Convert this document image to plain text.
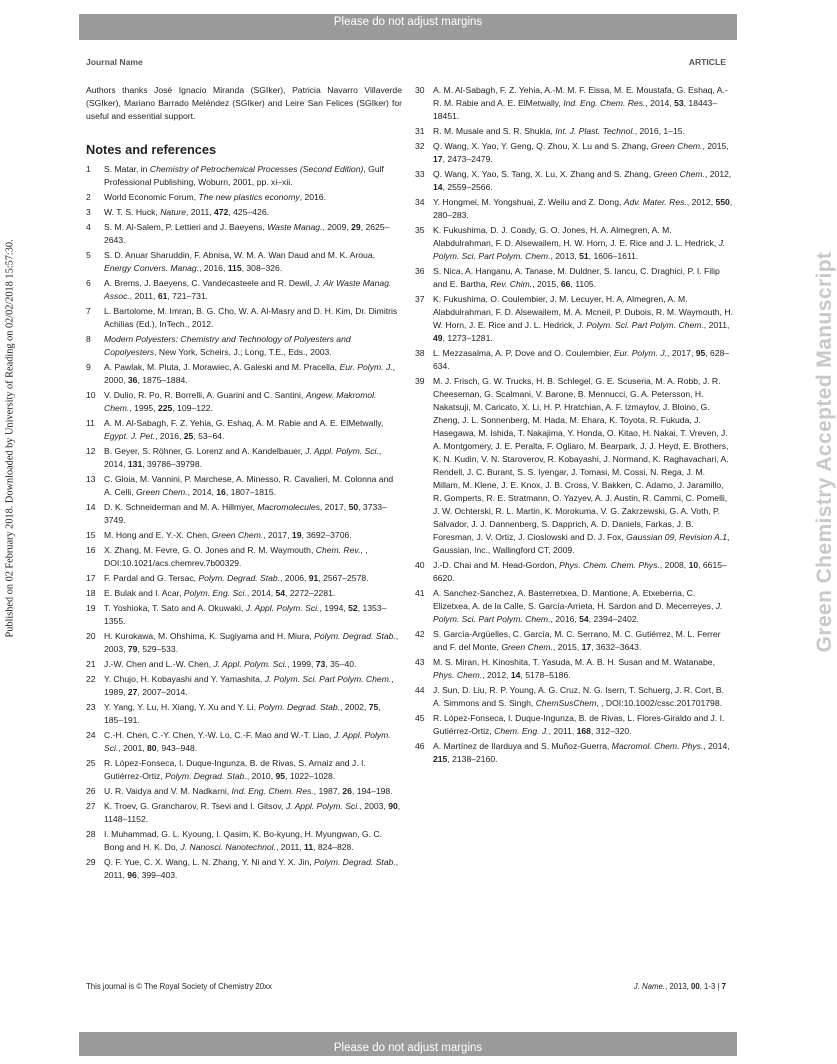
Please do not adjust margins
Journal Name	ARTICLE
Published on 02 February 2018. Downloaded by University of Reading on 02/02/2018 15:57:30.	Green Chemistry Accepted Manuscript

Authors thanks José Ignacio Miranda (SGIker), Patricia Navarro Villaverde (SGIker), Mariano Barrado Meléndez (SGIker) and Leire San Felices (SGIker) for useful and essential support.

Notes and references
1	S. Matar, in Chemistry of Petrochemical Processes (Second Edition), Gulf Professional Publishing, Woburn, 2001, pp. xi–xii.
2	World Economic Forum, The new plastics economy, 2016.
3	W. T. S. Huck, Nature, 2011, 472, 425–426.
4	S. M. Al-Salem, P. Lettieri and J. Baeyens, Waste Manag., 2009, 29, 2625–2643.
5	S. D. Anuar Sharuddin, F. Abnisa, W. M. A. Wan Daud and M. K. Aroua, Energy Convers. Manag., 2016, 115, 308–326.
6	A. Brems, J. Baeyens, C. Vandecasteele and R. Dewil, J. Air Waste Manag. Assoc., 2011, 61, 721–731.
7	L. Bartolome, M. Imran, B. G. Cho, W. A. Al-Masry and D. H. Kim, Dr. Dimitris Achilias (Ed.), InTech., 2012.
8	Modern Polyesters: Chemistry and Technology of Polyesters and Copolyesters, New York, Scheirs, J.; Long, T.E., Eds., 2003.
9	A. Pawlak, M. Pluta, J. Morawiec, A. Galeski and M. Pracella, Eur. Polym. J., 2000, 36, 1875–1884.
10 V. Dulio, R. Po, R. Borrelli, A. Guarini and C. Santini, Angew. Makromol. Chem., 1995, 225, 109–122.
11	A. M. Al-Sabagh, F. Z. Yehia, G. Eshaq, A. M. Rabie and A. E. ElMetwally, Egypt. J. Pet., 2016, 25, 53–64.
12 B. Geyer, S. Röhner, G. Lorenz and A. Kandelbauer, J. Appl. Polym. Sci., 2014, 131, 39786–39798.
13 C. Gioia, M. Vannini, P. Marchese, A. Minesso, R. Cavalieri, M. Colonna and A. Celli, Green Chem., 2014, 16, 1807–1815.
14 D. K. Schneiderman and M. A. Hillmyer, Macromolecules, 2017, 50, 3733–3749.
15 M. Hong and E. Y.-X. Chen, Green Chem., 2017, 19, 3692–3706.
16 X. Zhang, M. Fevre, G. O. Jones and R. M. Waymouth, Chem. Rev., , DOI:10.1021/acs.chemrev.7b00329.
17 F. Pardal and G. Tersac, Polym. Degrad. Stab., 2006, 91, 2567–2578.
18 E. Bulak and I. Acar, Polym. Eng. Sci., 2014, 54, 2272–2281.
19 T. Yoshioka, T. Sato and A. Okuwaki, J. Appl. Polym. Sci., 1994, 52, 1353–1355.
20 H. Kurokawa, M. Ohshima, K. Sugiyama and H. Miura, Polym. Degrad. Stab., 2003, 79, 529–533.
21 J.-W. Chen and L.-W. Chen, J. Appl. Polym. Sci., 1999, 73, 35–40.
22 Y. Chujo, H. Kobayashi and Y. Yamashita, J. Polym. Sci. Part Polym. Chem., 1989, 27, 2007–2014.
23 Y. Yang, Y. Lu, H. Xiang, Y. Xu and Y. Li, Polym. Degrad. Stab., 2002, 75, 185–191.
24 C.-H. Chen, C.-Y. Chen, Y.-W. Lo, C.-F. Mao and W.-T. Liao, J. Appl. Polym. Sci., 2001, 80, 943–948.
25 R. López-Fonseca, I. Duque-Ingunza, B. de Rivas, S. Arnaiz and J. I. Gutiérrez-Ortiz, Polym. Degrad. Stab., 2010, 95, 1022–1028.
26 U. R. Vaidya and V. M. Nadkarni, Ind. Eng. Chem. Res., 1987, 26, 194–198.
27 K. Troev, G. Grancharov, R. Tsevi and I. Gitsov, J. Appl. Polym. Sci., 2003, 90, 1148–1152.
28 I. Muhammad, G. L. Kyoung, I. Qasim, K. Bo-kyung, H. Myungwan, G. C. Bong and H. K. Do, J. Nanosci. Nanotechnol., 2011, 11, 824–828.
29 Q. F. Yue, C. X. Wang, L. N. Zhang, Y. Ni and Y. X. Jin, Polym. Degrad. Stab., 2011, 96, 399–403.
30 A. M. Al-Sabagh, F. Z. Yehia, A.-M. M. F. Eissa, M. E. Moustafa, G. Eshaq, A.-R. M. Rabie and A. E. ElMetwally, Ind. Eng. Chem. Res., 2014, 53, 18443–18451.
31 R. M. Musale and S. R. Shukla, Int. J. Plast. Technol., 2016, 1–15.
32 Q. Wang, X. Yao, Y. Geng, Q. Zhou, X. Lu and S. Zhang, Green Chem., 2015, 17, 2473–2479.
33 Q. Wang, X. Yao, S. Tang, X. Lu, X. Zhang and S. Zhang, Green Chem., 2012, 14, 2559–2566.
34 Y. Hongmei, M. Yongshuai, Z. Weilu and Z. Dong, Adv. Mater. Res., 2012, 550, 280–283.
35 K. Fukushima, D. J. Coady, G. O. Jones, H. A. Almegren, A. M. Alabdulrahman, F. D. Alsewailem, H. W. Horn, J. E. Rice and J. L. Hedrick, J. Polym. Sci. Part Polym. Chem., 2013, 51, 1606–1611.
36 S. Nica, A. Hanganu, A. Tanase, M. Duldner, S. Iancu, C. Draghici, P. I. Filip and E. Bartha, Rev. Chim., 2015, 66, 1105.
37 K. Fukushima, O. Coulembier, J. M. Lecuyer, H. A. Almegren, A. M. Alabdulrahman, F. D. Alsewailem, M. A. Mcneil, P. Dubois, R. M. Waymouth, H. W. Horn, J. E. Rice and J. L. Hedrick, J. Polym. Sci. Part Polym. Chem., 2011, 49, 1273–1281.
38 L. Mezzasalma, A. P. Dove and O. Coulembier, Eur. Polym. J., 2017, 95, 628–634.
39 M. J. Frisch, G. W. Trucks, H. B. Schlegel, G. E. Scuseria, M. A. Robb, J. R. Cheeseman, G. Scalmani, V. Barone, B. Mennucci, G. A. Petersson, H. Nakatsuji, M. Caricato, X. Li, H. P. Hratchian, A. F. Izmaylov, J. Bloino, G. Zheng, J. L. Sonnenberg, M. Hada, M. Ehara, K. Toyota, R. Fukuda, J. Hasegawa, M. Ishida, T. Nakajima, Y. Honda, O. Kitao, H. Nakai, T. Vreven, J. A. Montgomery, J. E. Peralta, F. Ogliaro, M. Bearpark, J. J. Heyd, E. Brothers, K. N. Kudin, V. N. Staroverov, R. Kobayashi, J. Normand, K. Raghavachari, A. Rendell, J. C. Burant, S. S. Iyengar, J. Tomasi, M. Cossi, N. Rega, J. M. Millam, M. Klene, J. E. Knox, J. B. Cross, V. Bakken, C. Adamo, J. Jaramillo, R. Gomperts, R. E. Stratmann, O. Yazyev, A. J. Austin, R. Cammi, C. Pomelli, J. W. Ochterski, R. L. Martin, K. Morokuma, V. G. Zakrzewski, G. A. Voth, P. Salvador, J. J. Dannenberg, S. Dapprich, A. D. Daniels, Farkas, J. B. Foresman, J. V. Ortiz, J. Cioslowski and D. J. Fox, Gaussian 09, Revision A.1, Gaussian, Inc., Wallingford CT, 2009.
40 J.-D. Chai and M. Head-Gordon, Phys. Chem. Chem. Phys., 2008, 10, 6615–6620.
41 A. Sanchez-Sanchez, A. Basterretxea, D. Mantione, A. Etxeberria, C. Elizetxea, A. de la Calle, S. García-Arrieta, H. Sardon and D. Mecerreyes, J. Polym. Sci. Part Polym. Chem., 2016, 54, 2394–2402.
42 S. García-Argüelles, C. García, M. C. Serrano, M. C. Gutiérrez, M. L. Ferrer and F. del Monte, Green Chem., 2015, 17, 3632–3643.
43 M. S. Miran, H. Kinoshita, T. Yasuda, M. A. B. H. Susan and M. Watanabe, Phys. Chem., 2012, 14, 5178–5186.
44 J. Sun, D. Liu, R. P. Young, A. G. Cruz, N. G. Isern, T. Schuerg, J. R. Cort, B. A. Simmons and S. Singh, ChemSusChem, , DOI:10.1002/cssc.201701798.
45 R. López-Fonseca, I. Duque-Ingunza, B. de Rivas, L. Flores-Giraldo and J. I. Gutiérrez-Ortiz, Chem. Eng. J., 2011, 168, 312–320.
46 A. Martínez de Ilarduya and S. Muñoz-Guerra, Macromol. Chem. Phys., 2014, 215, 2138–2160.
This journal is © The Royal Society of Chemistry 20xx	J. Name., 2013, 00, 1-3 | 7
Please do not adjust margins
